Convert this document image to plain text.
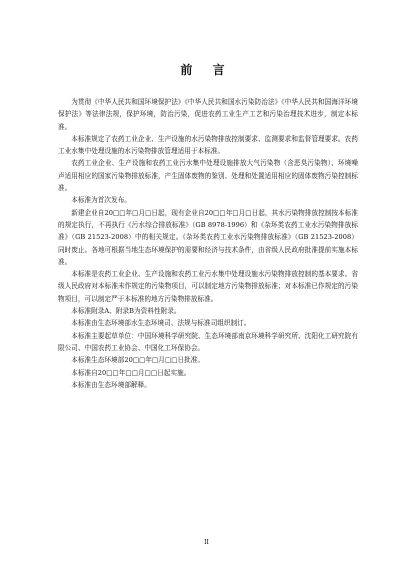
前 言

为贯彻《中华人民共和国环境保护法》《中华人民共和国水污染防治法》《中华人民共和国海洋环境保护法》等法律法规，保护环境，防治污染，促进农药工业生产工艺和污染治理技术进步，制定本标准。

本标准规定了农药工业企业、生产设施的水污染物排放控制要求、监测要求和监督管理要求。农药工业水集中处理设施的水污染物排放管理适用于本标准。

农药工业企业、生产设施和农药工业污水集中处理设施排放大气污染物（含恶臭污染物）、环境噪声适用相应的国家污染物排放标准，产生固体废物的鉴别、处理和处置适用相应的固体废物污染控制标准。

本标准为首次发布。

新建企业自20□□年□月□日起，现有企业自20□□年□月□日起，其水污染物排放控制按本标准的规定执行，不再执行《污水综合排放标准》（GB 8978-1996）和《杂环类农药工业水污染物排放标准》（GB 21523-2008）中的相关规定。《杂环类农药工业水污染物排放标准》（GB 21523-2008）同时废止。各地可根据当地生态环境保护的需要和经济与技术条件，由省级人民政府批准提前实施本标准。

本标准是农药工业企业、生产设施和农药工业污水集中处理设施水污染物排放控制的基本要求。省级人民政府对本标准未作规定的污染物项目，可以制定地方污染物排放标准；对本标准已作规定的污染物项目，可以制定严于本标准的地方污染物排放标准。

本标准附录A、附录B为资料性附录。

本标准由生态环境部水生态环境司、法规与标准司组织制订。

本标准主要起草单位：中国环境科学研究院、生态环境部南京环境科学研究所、沈阳化工研究院有限公司、中国农药工业协会、中国化工环保协会。

本标准生态环境部20□□年□月□□日批准。

本标准自20□□年□□月□□日起实施。

本标准由生态环境部解释。

II
